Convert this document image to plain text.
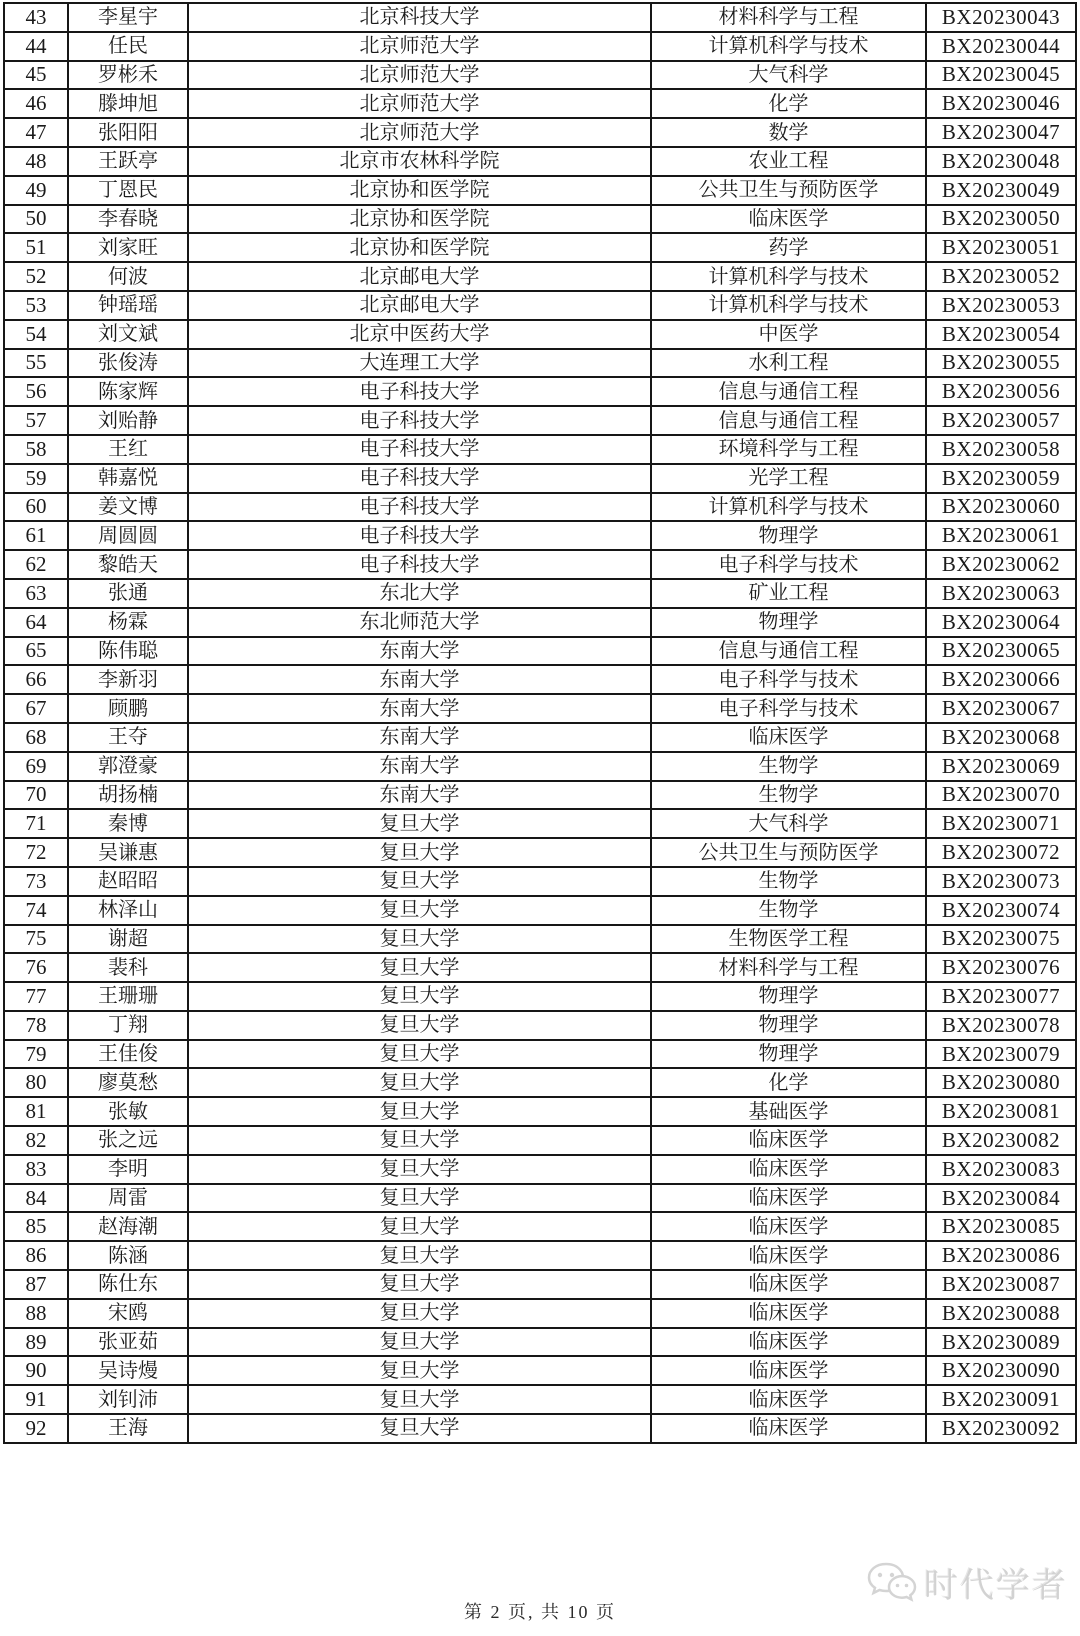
43	李星宇	北京科技大学	材料科学与工程	BX20230043
44	任民	北京师范大学	计算机科学与技术	BX20230044
45	罗彬禾	北京师范大学	大气科学	BX20230045
46	滕坤旭	北京师范大学	化学	BX20230046
47	张阳阳	北京师范大学	数学	BX20230047
48	王跃亭	北京市农林科学院	农业工程	BX20230048
49	丁恩民	北京协和医学院	公共卫生与预防医学	BX20230049
50	李春晓	北京协和医学院	临床医学	BX20230050
51	刘家旺	北京协和医学院	药学	BX20230051
52	何波	北京邮电大学	计算机科学与技术	BX20230052
53	钟瑶瑶	北京邮电大学	计算机科学与技术	BX20230053
54	刘文斌	北京中医药大学	中医学	BX20230054
55	张俊涛	大连理工大学	水利工程	BX20230055
56	陈家辉	电子科技大学	信息与通信工程	BX20230056
57	刘贻静	电子科技大学	信息与通信工程	BX20230057
58	王红	电子科技大学	环境科学与工程	BX20230058
59	韩嘉悦	电子科技大学	光学工程	BX20230059
60	姜文博	电子科技大学	计算机科学与技术	BX20230060
61	周圆圆	电子科技大学	物理学	BX20230061
62	黎皓天	电子科技大学	电子科学与技术	BX20230062
63	张通	东北大学	矿业工程	BX20230063
64	杨霖	东北师范大学	物理学	BX20230064
65	陈伟聪	东南大学	信息与通信工程	BX20230065
66	李新羽	东南大学	电子科学与技术	BX20230066
67	顾鹏	东南大学	电子科学与技术	BX20230067
68	王夺	东南大学	临床医学	BX20230068
69	郭澄豪	东南大学	生物学	BX20230069
70	胡扬楠	东南大学	生物学	BX20230070
71	秦博	复旦大学	大气科学	BX20230071
72	吴谦惠	复旦大学	公共卫生与预防医学	BX20230072
73	赵昭昭	复旦大学	生物学	BX20230073
74	林泽山	复旦大学	生物学	BX20230074
75	谢超	复旦大学	生物医学工程	BX20230075
76	裴科	复旦大学	材料科学与工程	BX20230076
77	王珊珊	复旦大学	物理学	BX20230077
78	丁翔	复旦大学	物理学	BX20230078
79	王佳俊	复旦大学	物理学	BX20230079
80	廖莫愁	复旦大学	化学	BX20230080
81	张敏	复旦大学	基础医学	BX20230081
82	张之远	复旦大学	临床医学	BX20230082
83	李明	复旦大学	临床医学	BX20230083
84	周雷	复旦大学	临床医学	BX20230084
85	赵海潮	复旦大学	临床医学	BX20230085
86	陈涵	复旦大学	临床医学	BX20230086
87	陈仕东	复旦大学	临床医学	BX20230087
88	宋鸥	复旦大学	临床医学	BX20230088
89	张亚茹	复旦大学	临床医学	BX20230089
90	吴诗熳	复旦大学	临床医学	BX20230090
91	刘钊沛	复旦大学	临床医学	BX20230091
92	王海	复旦大学	临床医学	BX20230092
时代学者
第 2 页, 共 10 页
